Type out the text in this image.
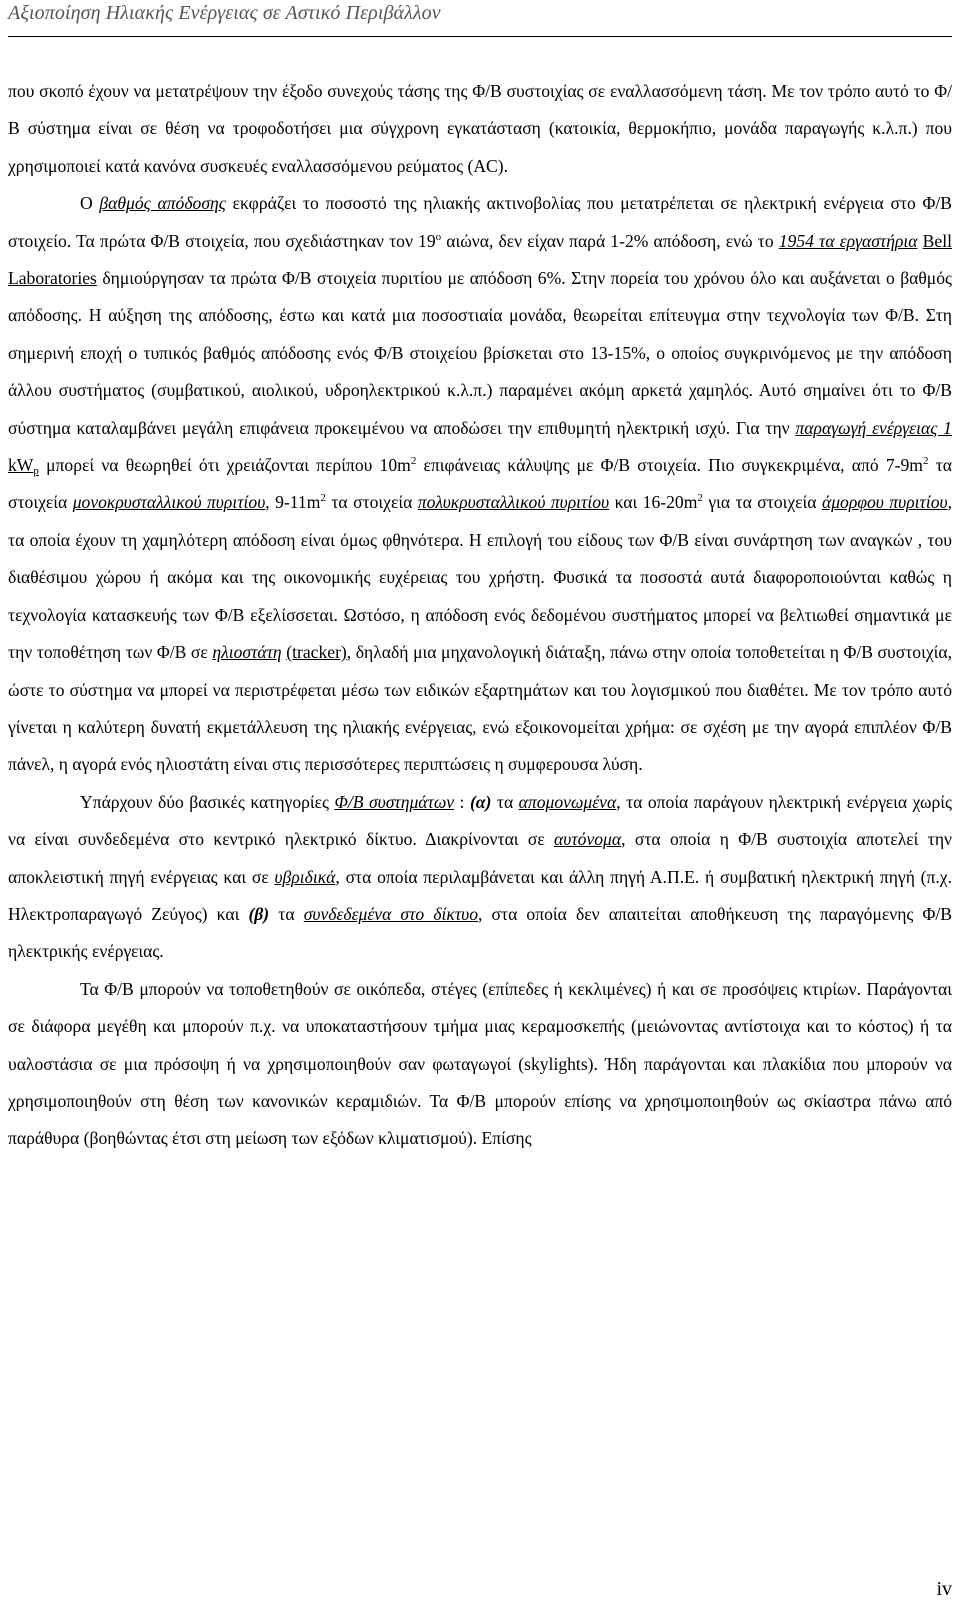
Αξιοποίηση Ηλιακής Ενέργειας σε Αστικό Περιβάλλον

που σκοπό έχουν να μετατρέψουν την έξοδο συνεχούς τάσης της Φ/Β συστοιχίας σε εναλλασσόμενη τάση. Με τον τρόπο αυτό το Φ/Β σύστημα είναι σε θέση να τροφοδοτήσει μια σύγχρονη εγκατάσταση (κατοικία, θερμοκήπιο, μονάδα παραγωγής κ.λ.π.) που χρησιμοποιεί κατά κανόνα συσκευές εναλλασσόμενου ρεύματος (AC).

Ο βαθμός απόδοσης εκφράζει το ποσοστό της ηλιακής ακτινοβολίας που μετατρέπεται σε ηλεκτρική ενέργεια στο Φ/Β στοιχείο. Τα πρώτα Φ/Β στοιχεία, που σχεδιάστηκαν τον $19^o$ αιώνα, δεν είχαν παρά 1-2% απόδοση, ενώ το 1954 τα εργαστήρια Bell Laboratories δημιούργησαν τα πρώτα Φ/Β στοιχεία πυριτίου με απόδοση 6%. Στην πορεία του χρόνου όλο και αυξάνεται ο βαθμός απόδοσης. Η αύξηση της απόδοσης, έστω και κατά μια ποσοστιαία μονάδα, θεωρείται επίτευγμα στην τεχνολογία των Φ/Β. Στη σημερινή εποχή ο τυπικός βαθμός απόδοσης ενός Φ/Β στοιχείου βρίσκεται στο 13-15%, ο οποίος συγκρινόμενος με την απόδοση άλλου συστήματος (συμβατικού, αιολικού, υδροηλεκτρικού κ.λ.π.) παραμένει ακόμη αρκετά χαμηλός. Αυτό σημαίνει ότι το Φ/Β σύστημα καταλαμβάνει μεγάλη επιφάνεια προκειμένου να αποδώσει την επιθυμητή ηλεκτρική ισχύ. Για την παραγωγή ενέργειας 1 $kW_p$ μπορεί να θεωρηθεί ότι χρειάζονται περίπου $10m^2$ επιφάνειας κάλυψης με Φ/Β στοιχεία. Πιο συγκεκριμένα, από $7-9m^2$ τα στοιχεία μονοκρυσταλλικού πυριτίου, $9-11m^2$ τα στοιχεία πολυκρυσταλλικού πυριτίου και $16-20m^2$ για τα στοιχεία άμορφου πυριτίου, τα οποία έχουν τη χαμηλότερη απόδοση είναι όμως φθηνότερα. Η επιλογή του είδους των Φ/Β είναι συνάρτηση των αναγκών , του διαθέσιμου χώρου ή ακόμα και της οικονομικής ευχέρειας του χρήστη. Φυσικά τα ποσοστά αυτά διαφοροποιούνται καθώς η τεχνολογία κατασκευής των Φ/Β εξελίσσεται. Ωστόσο, η απόδοση ενός δεδομένου συστήματος μπορεί να βελτιωθεί σημαντικά με την τοποθέτηση των Φ/Β σε ηλιοστάτη (tracker), δηλαδή μια μηχανολογική διάταξη, πάνω στην οποία τοποθετείται η Φ/Β συστοιχία, ώστε το σύστημα να μπορεί να περιστρέφεται μέσω των ειδικών εξαρτημάτων και του λογισμικού που διαθέτει. Με τον τρόπο αυτό γίνεται η καλύτερη δυνατή εκμετάλλευση της ηλιακής ενέργειας, ενώ εξοικονομείται χρήμα: σε σχέση με την αγορά επιπλέον Φ/Β πάνελ, η αγορά ενός ηλιοστάτη είναι στις περισσότερες περιπτώσεις η συμφερουσα λύση.

Υπάρχουν δύο βασικές κατηγορίες Φ/Β συστημάτων : (α) τα απομονωμένα, τα οποία παράγουν ηλεκτρική ενέργεια χωρίς να είναι συνδεδεμένα στο κεντρικό ηλεκτρικό δίκτυο. Διακρίνονται σε αυτόνομα, στα οποία η Φ/Β συστοιχία αποτελεί την αποκλειστική πηγή ενέργειας και σε υβριδικά, στα οποία περιλαμβάνεται και άλλη πηγή Α.Π.Ε. ή συμβατική ηλεκτρική πηγή (π.χ. Ηλεκτροπαραγωγό Ζεύγος) και (β) τα συνδεδεμένα στο δίκτυο, στα οποία δεν απαιτείται αποθήκευση της παραγόμενης Φ/Β ηλεκτρικής ενέργειας.

Τα Φ/Β μπορούν να τοποθετηθούν σε οικόπεδα, στέγες (επίπεδες ή κεκλιμένες) ή και σε προσόψεις κτιρίων. Παράγονται σε διάφορα μεγέθη και μπορούν π.χ. να υποκαταστήσουν τμήμα μιας κεραμοσκεπής (μειώνοντας αντίστοιχα και το κόστος) ή τα υαλοστάσια σε μια πρόσοψη ή να χρησιμοποιηθούν σαν φωταγωγοί (skylights). Ήδη παράγονται και πλακίδια που μπορούν να χρησιμοποιηθούν στη θέση των κανονικών κεραμιδιών. Τα Φ/Β μπορούν επίσης να χρησιμοποιηθούν ως σκίαστρα πάνω από παράθυρα (βοηθώντας έτσι στη μείωση των εξόδων κλιματισμού). Επίσης

iv
